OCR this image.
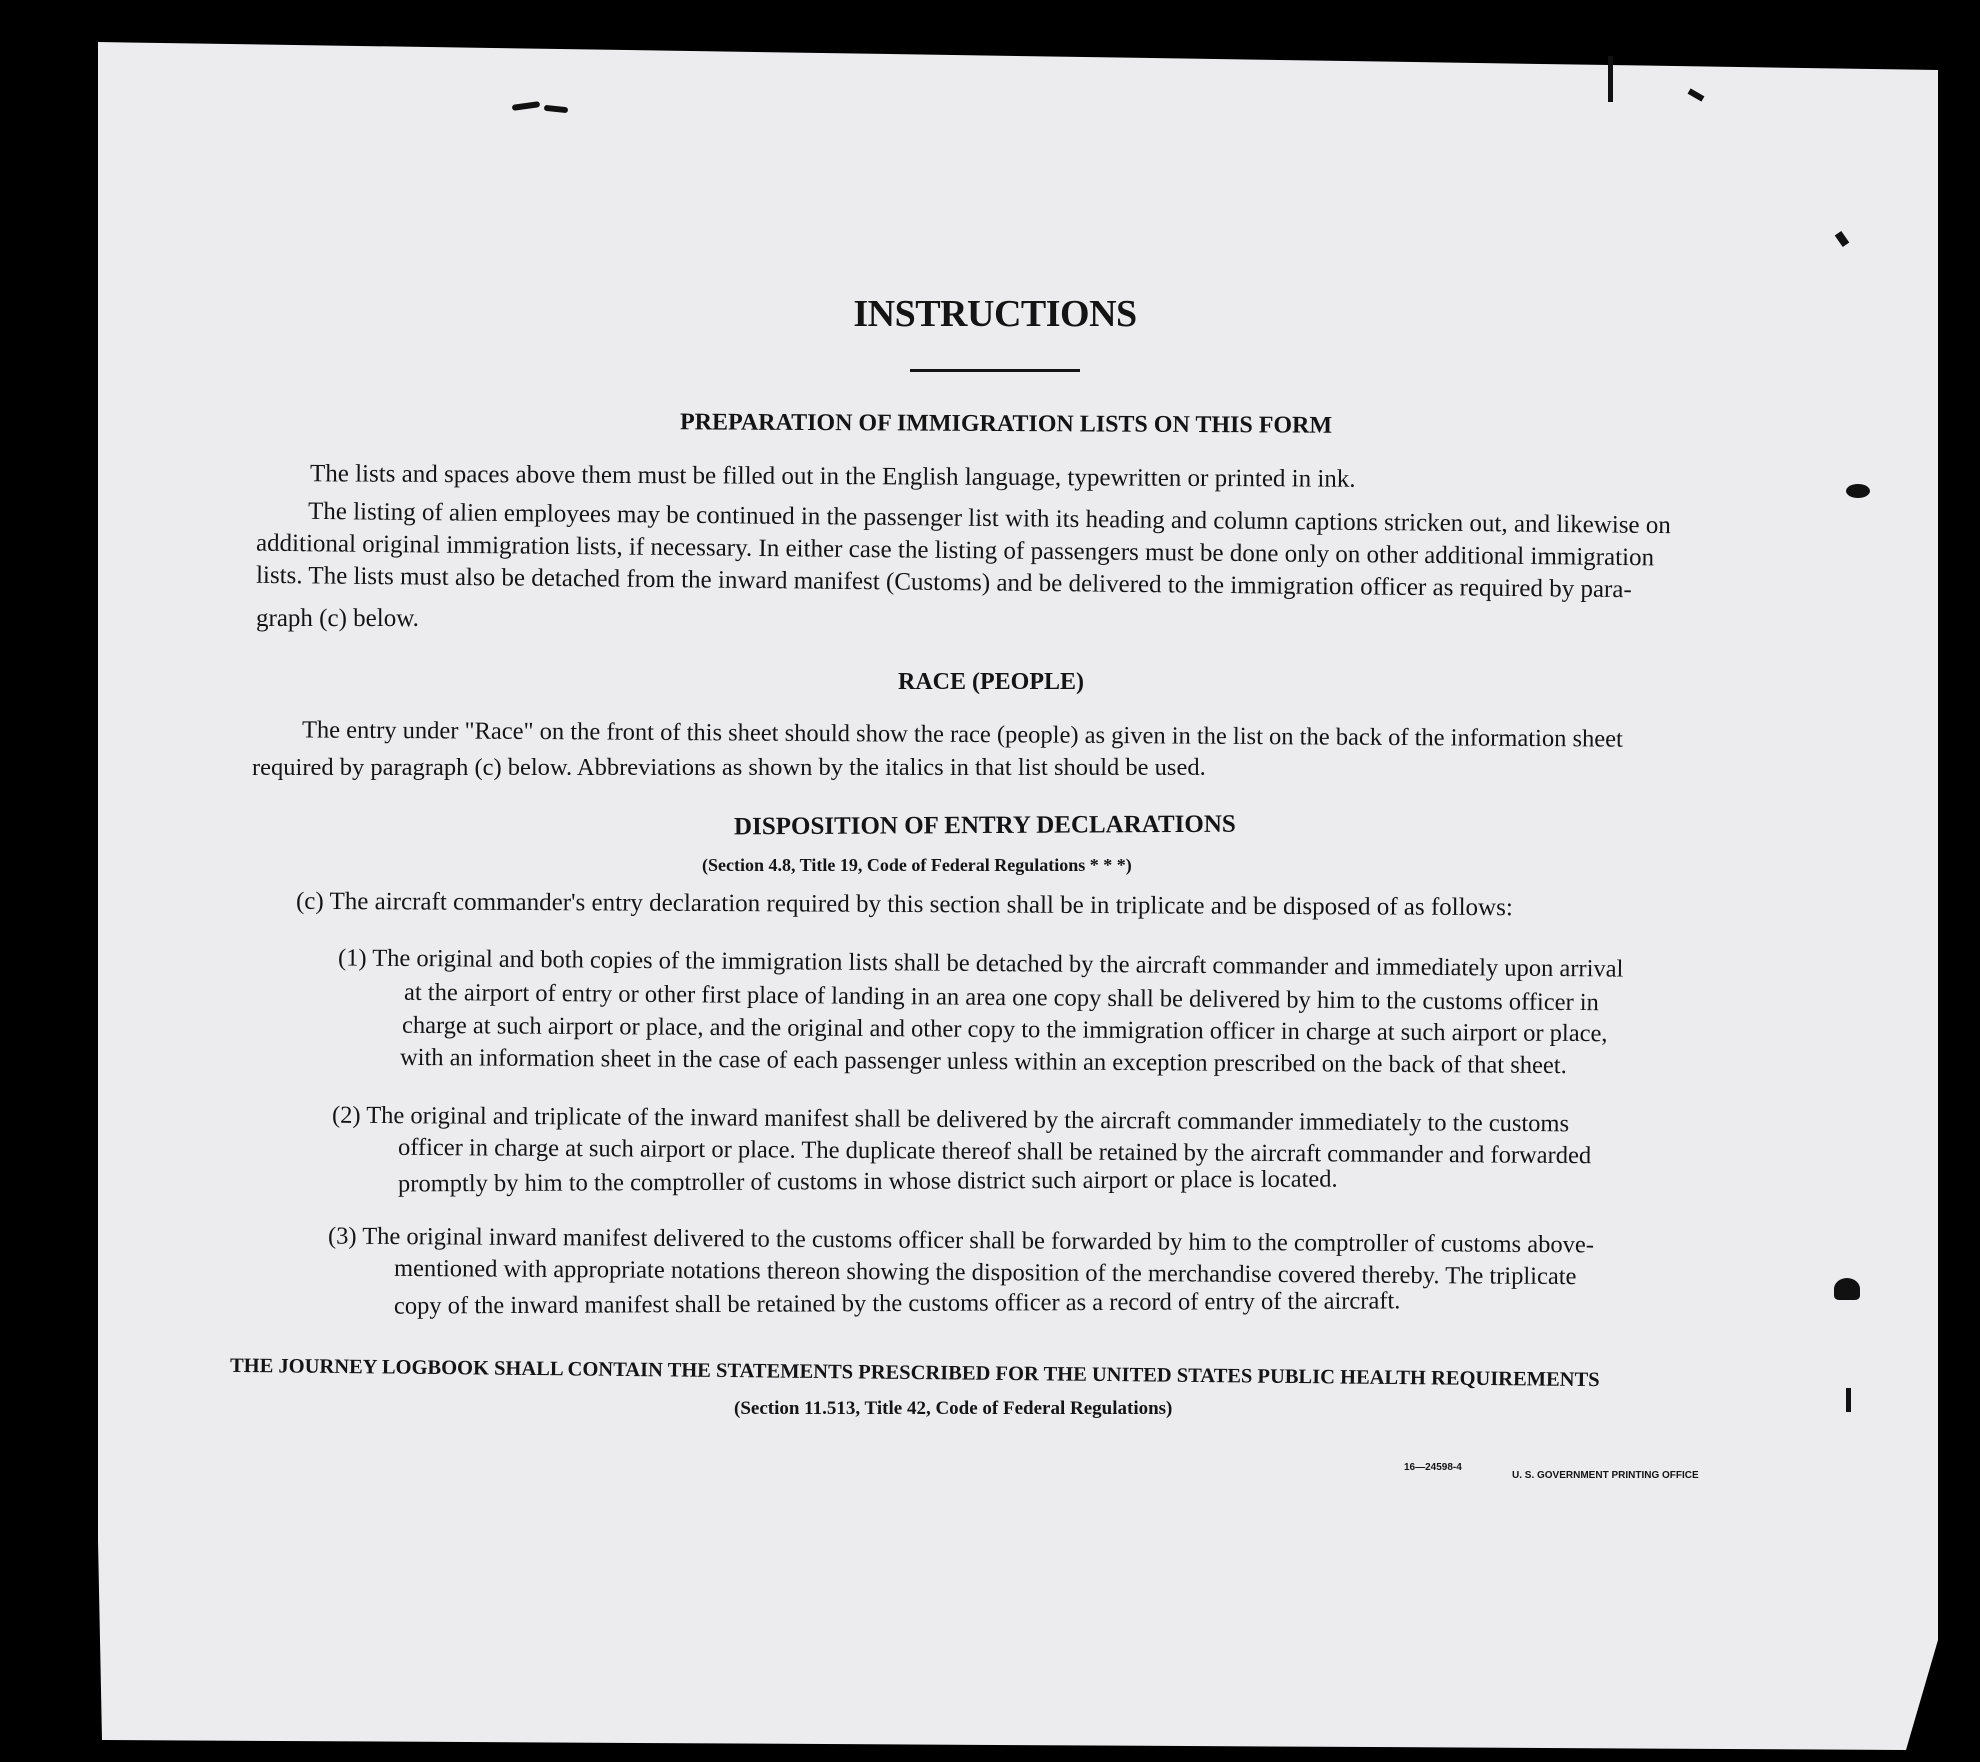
INSTRUCTIONS
PREPARATION OF IMMIGRATION LISTS ON THIS FORM
The lists and spaces above them must be filled out in the English language, typewritten or printed in ink.
The listing of alien employees may be continued in the passenger list with its heading and column captions stricken out, and likewise on
additional original immigration lists, if necessary. In either case the listing of passengers must be done only on other additional immigration
lists. The lists must also be detached from the inward manifest (Customs) and be delivered to the immigration officer as required by para-
graph (c) below.
RACE (PEOPLE)
The entry under "Race" on the front of this sheet should show the race (people) as given in the list on the back of the information sheet
required by paragraph (c) below. Abbreviations as shown by the italics in that list should be used.
DISPOSITION OF ENTRY DECLARATIONS
(Section 4.8, Title 19, Code of Federal Regulations * * *)
(c) The aircraft commander's entry declaration required by this section shall be in triplicate and be disposed of as follows:
(1) The original and both copies of the immigration lists shall be detached by the aircraft commander and immediately upon arrival
at the airport of entry or other first place of landing in an area one copy shall be delivered by him to the customs officer in
charge at such airport or place, and the original and other copy to the immigration officer in charge at such airport or place,
with an information sheet in the case of each passenger unless within an exception prescribed on the back of that sheet.
(2) The original and triplicate of the inward manifest shall be delivered by the aircraft commander immediately to the customs
officer in charge at such airport or place. The duplicate thereof shall be retained by the aircraft commander and forwarded
promptly by him to the comptroller of customs in whose district such airport or place is located.
(3) The original inward manifest delivered to the customs officer shall be forwarded by him to the comptroller of customs above-
mentioned with appropriate notations thereon showing the disposition of the merchandise covered thereby. The triplicate
copy of the inward manifest shall be retained by the customs officer as a record of entry of the aircraft.
THE JOURNEY LOGBOOK SHALL CONTAIN THE STATEMENTS PRESCRIBED FOR THE UNITED STATES PUBLIC HEALTH REQUIREMENTS
(Section 11.513, Title 42, Code of Federal Regulations)
16—24598-4
U. S. GOVERNMENT PRINTING OFFICE
